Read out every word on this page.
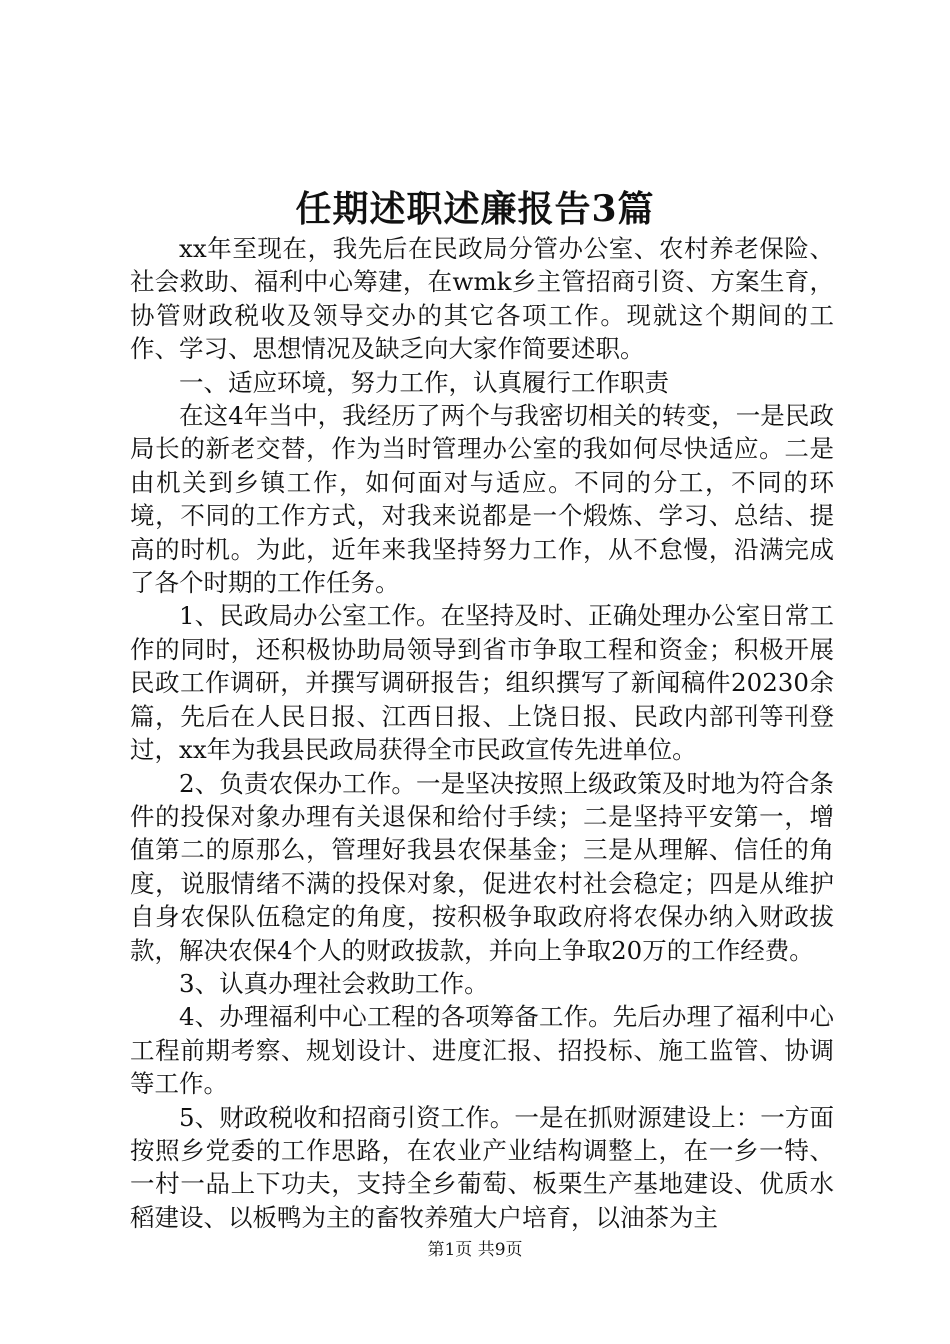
任期述职述廉报告3篇

xx年至现在，我先后在民政局分管办公室、农村养老保险、社会救助、福利中心筹建，在wmk乡主管招商引资、方案生育，协管财政税收及领导交办的其它各项工作。现就这个期间的工作、学习、思想情况及缺乏向大家作简要述职。

一、适应环境，努力工作，认真履行工作职责

在这4年当中，我经历了两个与我密切相关的转变，一是民政局长的新老交替，作为当时管理办公室的我如何尽快适应。二是由机关到乡镇工作，如何面对与适应。不同的分工，不同的环境，不同的工作方式，对我来说都是一个煅炼、学习、总结、提高的时机。为此，近年来我坚持努力工作，从不怠慢，沿满完成了各个时期的工作任务。

1、民政局办公室工作。在坚持及时、正确处理办公室日常工作的同时，还积极协助局领导到省市争取工程和资金；积极开展民政工作调研，并撰写调研报告；组织撰写了新闻稿件20230余篇，先后在人民日报、江西日报、上饶日报、民政内部刊等刊登过，xx年为我县民政局获得全市民政宣传先进单位。

2、负责农保办工作。一是坚决按照上级政策及时地为符合条件的投保对象办理有关退保和给付手续；二是坚持平安第一，增值第二的原那么，管理好我县农保基金；三是从理解、信任的角度，说服情绪不满的投保对象，促进农村社会稳定；四是从维护自身农保队伍稳定的角度，按积极争取政府将农保办纳入财政拔款，解决农保4个人的财政拔款，并向上争取20万的工作经费。

3、认真办理社会救助工作。

4、办理福利中心工程的各项筹备工作。先后办理了福利中心工程前期考察、规划设计、进度汇报、招投标、施工监管、协调等工作。

5、财政税收和招商引资工作。一是在抓财源建设上：一方面按照乡党委的工作思路，在农业产业结构调整上，在一乡一特、一村一品上下功夫，支持全乡葡萄、板栗生产基地建设、优质水稻建设、以板鸭为主的畜牧养殖大户培育，以油茶为主

第1页 共9页
